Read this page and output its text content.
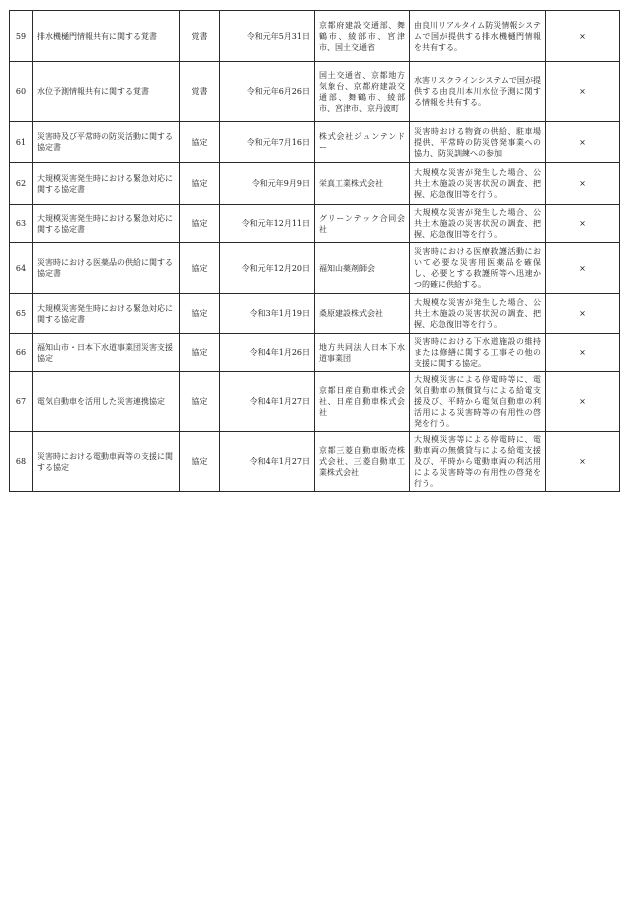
59	排水機樋門情報共有に関する覚書	覚書	令和元年5月31日	京都府建設交通部、舞鶴市、綾部市、宮津市、国土交通省	由良川リアルタイム防災情報システムで国が提供する排水機樋門情報を共有する。	×
60	水位予測情報共有に関する覚書	覚書	令和元年6月26日	国土交通省、京都地方気象台、京都府建設交通部、舞鶴市、綾部市、宮津市、京丹波町	水害リスクラインシステムで国が提供する由良川本川水位予測に関する情報を共有する。	×
61	災害時及び平常時の防災活動に関する協定書	協定	令和元年7月16日	株式会社ジュンテンドー	災害時おける物資の供給、駐車場提供、平常時の防災啓発事業への協力、防災訓練への参加	×
62	大規模災害発生時における緊急対応に関する協定書	協定	令和元年9月9日	栄真工業株式会社	大規模な災害が発生した場合、公共土木施設の災害状況の調査、把握、応急復旧等を行う。	×
63	大規模災害発生時における緊急対応に関する協定書	協定	令和元年12月11日	グリーンテック合同会社	大規模な災害が発生した場合、公共土木施設の災害状況の調査、把握、応急復旧等を行う。	×
64	災害時における医薬品の供給に関する協定書	協定	令和元年12月20日	福知山薬剤師会	災害時における医療救護活動において必要な災害用医薬品を確保し、必要とする救護所等へ迅速かつ的確に供給する。	×
65	大規模災害発生時における緊急対応に関する協定書	協定	令和3年1月19日	桑原建設株式会社	大規模な災害が発生した場合、公共土木施設の災害状況の調査、把握、応急復旧等を行う。	×
66	福知山市・日本下水道事業団災害支援協定	協定	令和4年1月26日	地方共同法人日本下水道事業団	災害時における下水道施設の維持または修繕に関する工事その他の支援に関する協定。	×
67	電気自動車を活用した災害連携協定	協定	令和4年1月27日	京都日産自動車株式会社、日産自動車株式会社	大規模災害による停電時等に、電気自動車の無償貸与による給電支援及び、平時から電気自動車の利活用による災害時等の有用性の啓発を行う。	×
68	災害時における電動車両等の支援に関する協定	協定	令和4年1月27日	京都三菱自動車販売株式会社、三菱自動車工業株式会社	大規模災害等による停電時に、電動車両の無償貸与による給電支援及び、平時から電動車両の利活用による災害時等の有用性の啓発を行う。	×
